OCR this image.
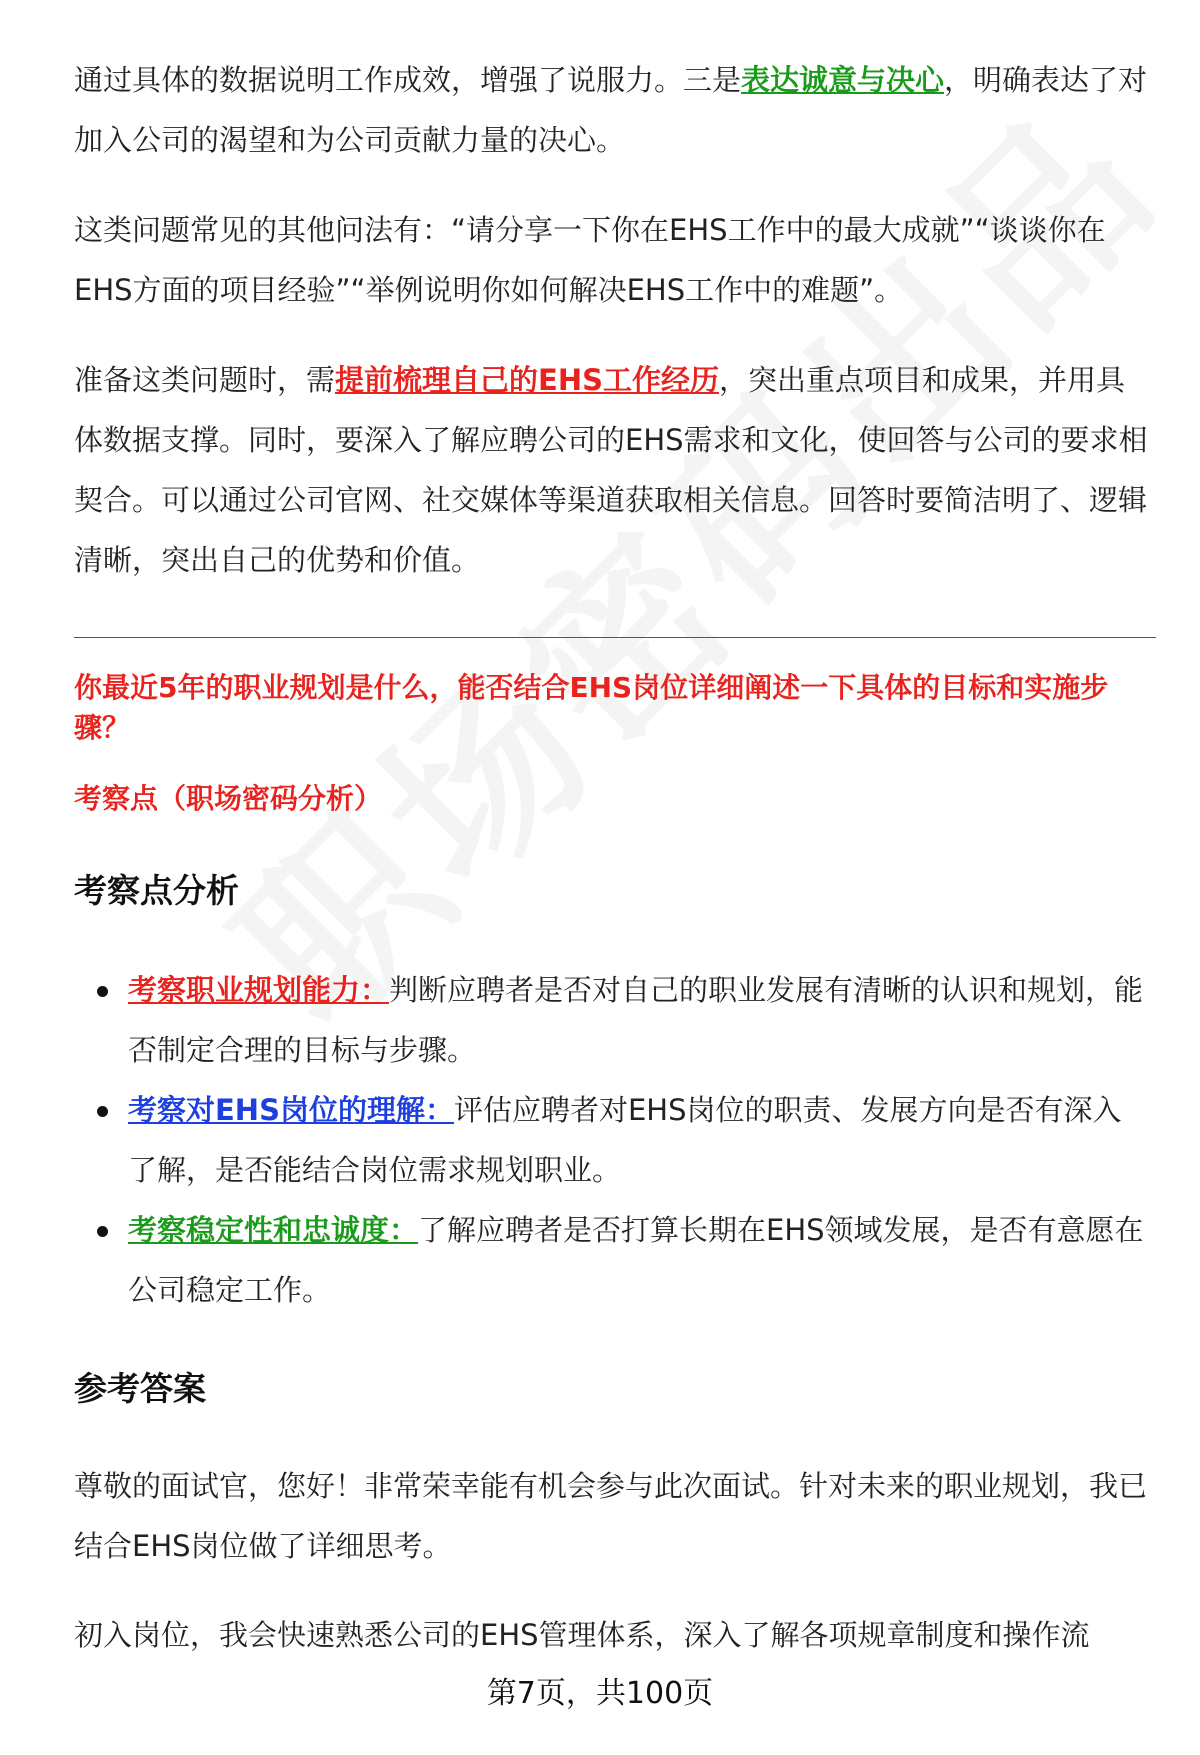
通过具体的数据说明工作成效，增强了说服力。三是表达诚意与决心，明确表达了对加入公司的渴望和为公司贡献力量的决心。

这类问题常见的其他问法有：“请分享一下你在EHS工作中的最大成就”“谈谈你在EHS方面的项目经验”“举例说明你如何解决EHS工作中的难题”。

准备这类问题时，需提前梳理自己的EHS工作经历，突出重点项目和成果，并用具体数据支撑。同时，要深入了解应聘公司的EHS需求和文化，使回答与公司的要求相契合。可以通过公司官网、社交媒体等渠道获取相关信息。回答时要简洁明了、逻辑清晰，突出自己的优势和价值。

你最近5年的职业规划是什么，能否结合EHS岗位详细阐述一下具体的目标和实施步骤？

考察点（职场密码分析）

考察点分析

考察职业规划能力：判断应聘者是否对自己的职业发展有清晰的认识和规划，能否制定合理的目标与步骤。
考察对EHS岗位的理解：评估应聘者对EHS岗位的职责、发展方向是否有深入了解，是否能结合岗位需求规划职业。
考察稳定性和忠诚度：了解应聘者是否打算长期在EHS领域发展，是否有意愿在公司稳定工作。

参考答案

尊敬的面试官，您好！非常荣幸能有机会参与此次面试。针对未来的职业规划，我已结合EHS岗位做了详细思考。

初入岗位，我会快速熟悉公司的EHS管理体系，深入了解各项规章制度和操作流

第7页，共100页
